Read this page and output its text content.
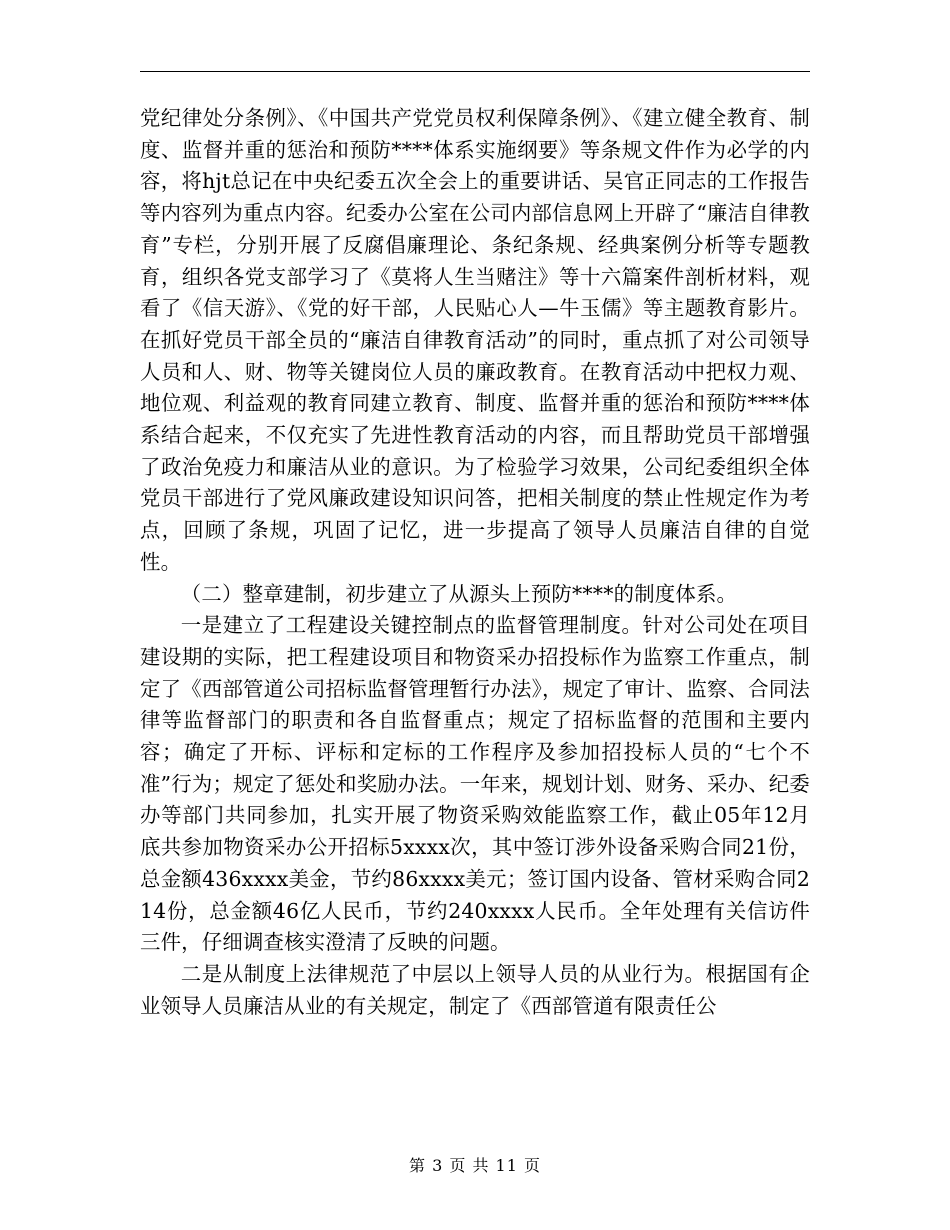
党纪律处分条例》、《中国共产党党员权利保障条例》、《建立健全教育、制度、监督并重的惩治和预防****体系实施纲要》等条规文件作为必学的内容，将hjt总记在中央纪委五次全会上的重要讲话、吴官正同志的工作报告等内容列为重点内容。纪委办公室在公司内部信息网上开辟了“廉洁自律教育”专栏，分别开展了反腐倡廉理论、条纪条规、经典案例分析等专题教育，组织各党支部学习了《莫将人生当赌注》等十六篇案件剖析材料，观看了《信天游》、《党的好干部，人民贴心人—牛玉儒》等主题教育影片。在抓好党员干部全员的“廉洁自律教育活动”的同时，重点抓了对公司领导人员和人、财、物等关键岗位人员的廉政教育。在教育活动中把权力观、地位观、利益观的教育同建立教育、制度、监督并重的惩治和预防****体系结合起来，不仅充实了先进性教育活动的内容，而且帮助党员干部增强了政治免疫力和廉洁从业的意识。为了检验学习效果，公司纪委组织全体党员干部进行了党风廉政建设知识问答，把相关制度的禁止性规定作为考点，回顾了条规，巩固了记忆，进一步提高了领导人员廉洁自律的自觉性。

（二）整章建制，初步建立了从源头上预防****的制度体系。

一是建立了工程建设关键控制点的监督管理制度。针对公司处在项目建设期的实际，把工程建设项目和物资采办招投标作为监察工作重点，制定了《西部管道公司招标监督管理暂行办法》，规定了审计、监察、合同法律等监督部门的职责和各自监督重点；规定了招标监督的范围和主要内容；确定了开标、评标和定标的工作程序及参加招投标人员的“七个不准”行为；规定了惩处和奖励办法。一年来，规划计划、财务、采办、纪委办等部门共同参加，扎实开展了物资采购效能监察工作，截止05年12月底共参加物资采办公开招标5xxxx次，其中签订涉外设备采购合同21份，总金额436xxxx美金，节约86xxxx美元；签订国内设备、管材采购合同214份，总金额46亿人民币，节约240xxxx人民币。全年处理有关信访件三件，仔细调查核实澄清了反映的问题。

二是从制度上法律规范了中层以上领导人员的从业行为。根据国有企业领导人员廉洁从业的有关规定，制定了《西部管道有限责任公

第 3 页 共 11 页
